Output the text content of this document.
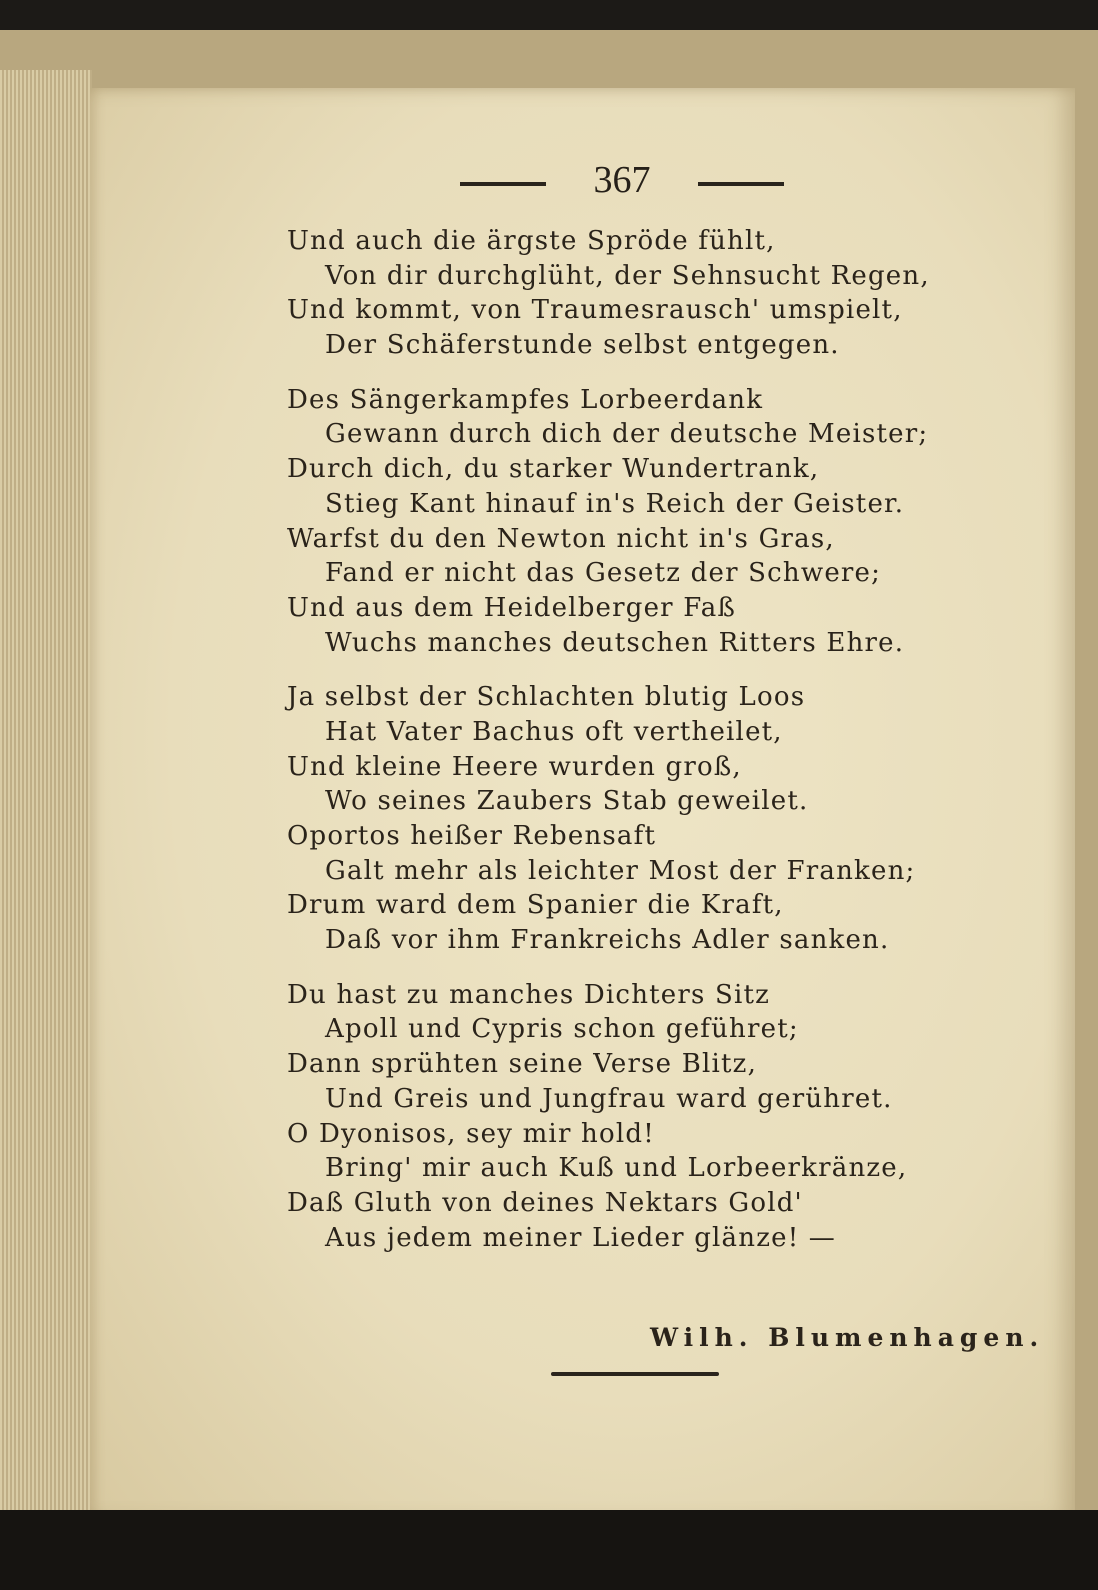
367
Und auch die ärgste Spröde fühlt,
Von dir durchglüht, der Sehnsucht Regen,
Und kommt, von Traumesrausch' umspielt,
Der Schäferstunde selbst entgegen.
Des Sängerkampfes Lorbeerdank
Gewann durch dich der deutsche Meister;
Durch dich, du starker Wundertrank,
Stieg Kant hinauf in's Reich der Geister.
Warfst du den Newton nicht in's Gras,
Fand er nicht das Gesetz der Schwere;
Und aus dem Heidelberger Faß
Wuchs manches deutschen Ritters Ehre.
Ja selbst der Schlachten blutig Loos
Hat Vater Bachus oft vertheilet,
Und kleine Heere wurden groß,
Wo seines Zaubers Stab geweilet.
Oportos heißer Rebensaft
Galt mehr als leichter Most der Franken;
Drum ward dem Spanier die Kraft,
Daß vor ihm Frankreichs Adler sanken.
Du hast zu manches Dichters Sitz
Apoll und Cypris schon geführet;
Dann sprühten seine Verse Blitz,
Und Greis und Jungfrau ward gerühret.
O Dyonisos, sey mir hold!
Bring' mir auch Kuß und Lorbeerkränze,
Daß Gluth von deines Nektars Gold'
Aus jedem meiner Lieder glänze! —
Wilh. Blumenhagen.
